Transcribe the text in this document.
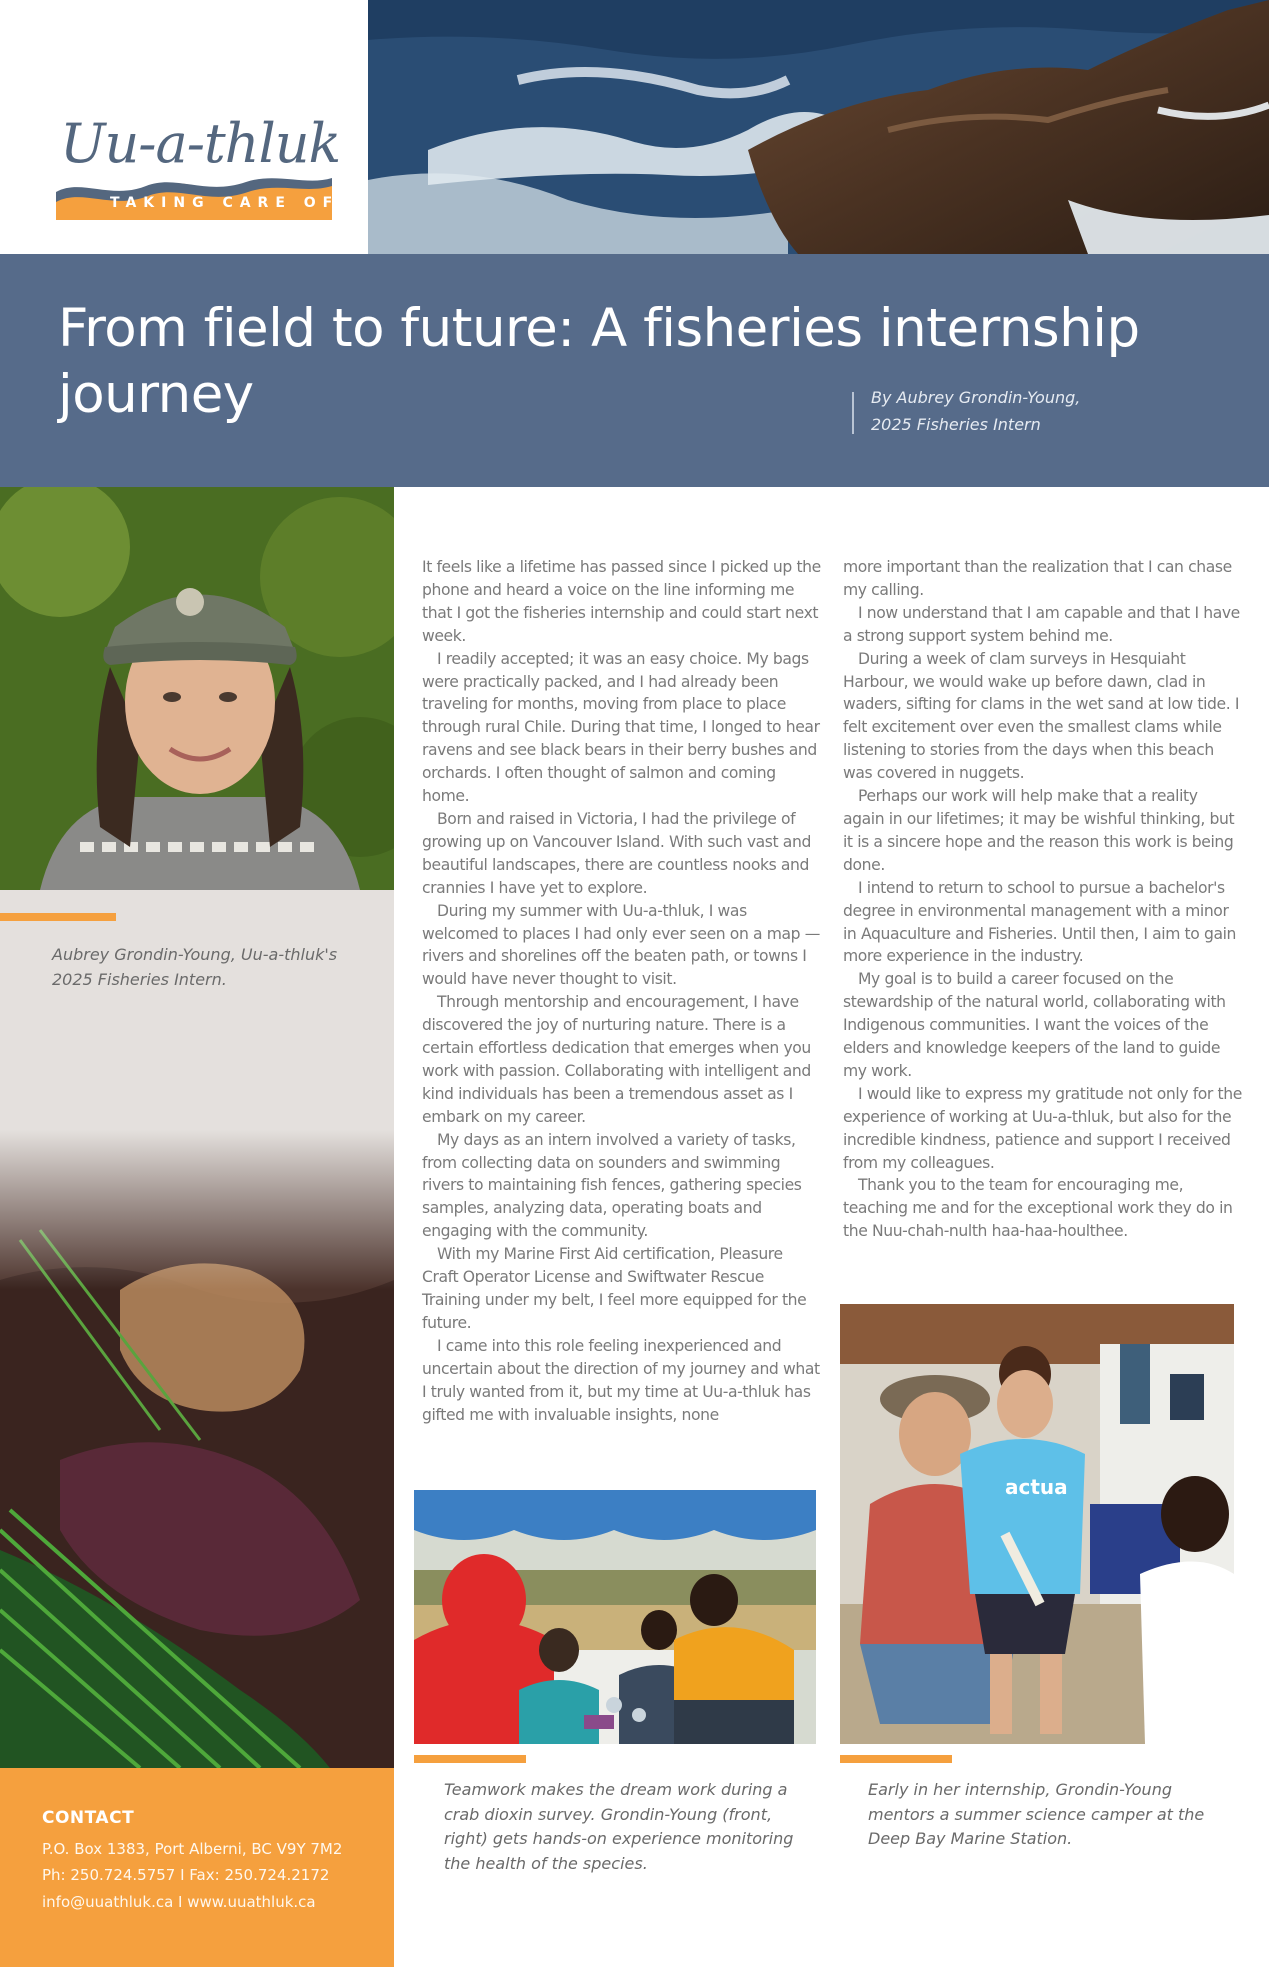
Uu-a-thluk
TAKING CARE OF
From field to future: A fisheries internship journey	By Aubrey Grondin-Young,
2025 Fisheries Intern
Aubrey Grondin-Young, Uu-a-thluk's
2025 Fisheries Intern.
CONTACT
P.O. Box 1383, Port Alberni, BC V9Y 7M2
Ph: 250.724.5757 I Fax: 250.724.2172
info@uuathluk.ca I www.uuathluk.ca

It feels like a lifetime has passed since I picked up the phone and heard a voice on the line informing me that I got the fisheries internship and could start next week.

I readily accepted; it was an easy choice. My bags were practically packed, and I had already been traveling for months, moving from place to place through rural Chile. During that time, I longed to hear ravens and see black bears in their berry bushes and orchards. I often thought of salmon and coming home.

Born and raised in Victoria, I had the privilege of growing up on Vancouver Island. With such vast and beautiful landscapes, there are countless nooks and crannies I have yet to explore.

During my summer with Uu-a-thluk, I was welcomed to places I had only ever seen on a map — rivers and shorelines off the beaten path, or towns I would have never thought to visit.

Through mentorship and encouragement, I have discovered the joy of nurturing nature. There is a certain effortless dedication that emerges when you work with passion. Collaborating with intelligent and kind individuals has been a tremendous asset as I embark on my career.

My days as an intern involved a variety of tasks, from collecting data on sounders and swimming rivers to maintaining fish fences, gathering species samples, analyzing data, operating boats and engaging with the community.

With my Marine First Aid certification, Pleasure Craft Operator License and Swiftwater Rescue Training under my belt, I feel more equipped for the future.

I came into this role feeling inexperienced and uncertain about the direction of my journey and what I truly wanted from it, but my time at Uu-a-thluk has gifted me with invaluable insights, none

more important than the realization that I can chase my calling.

I now understand that I am capable and that I have a strong support system behind me.

During a week of clam surveys in Hesquiaht Harbour, we would wake up before dawn, clad in waders, sifting for clams in the wet sand at low tide. I felt excitement over even the smallest clams while listening to stories from the days when this beach was covered in nuggets.

Perhaps our work will help make that a reality again in our lifetimes; it may be wishful thinking, but it is a sincere hope and the reason this work is being done.

I intend to return to school to pursue a bachelor's degree in environmental management with a minor in Aquaculture and Fisheries. Until then, I aim to gain more experience in the industry.

My goal is to build a career focused on the stewardship of the natural world, collaborating with Indigenous communities. I want the voices of the elders and knowledge keepers of the land to guide my work.

I would like to express my gratitude not only for the experience of working at Uu-a-thluk, but also for the incredible kindness, patience and support I received from my colleagues.

Thank you to the team for encouraging me, teaching me and for the exceptional work they do in the Nuu-chah-nulth haa-haa-houlthee.

actua
Teamwork makes the dream work during a crab dioxin survey. Grondin-Young (front, right) gets hands-on experience monitoring the health of the species.
Early in her internship, Grondin-Young mentors a summer science camper at the Deep Bay Marine Station.
